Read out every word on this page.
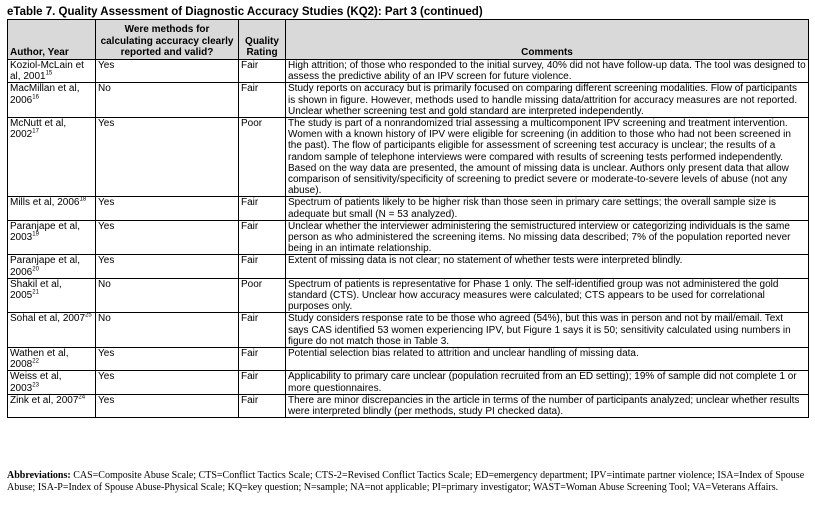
eTable 7. Quality Assessment of Diagnostic Accuracy Studies (KQ2): Part 3 (continued)
Author, Year	Were methods for calculating accuracy clearly reported and valid?	Quality Rating	Comments
Koziol-McLain et al, 2001$^{15}$	Yes	Fair	High attrition; of those who responded to the initial survey, 40% did not have follow-up data. The tool was designed to assess the predictive ability of an IPV screen for future violence.
MacMillan et al, 2006$^{16}$	No	Fair	Study reports on accuracy but is primarily focused on comparing different screening modalities. Flow of participants is shown in figure. However, methods used to handle missing data/attrition for accuracy measures are not reported. Unclear whether screening test and gold standard are interpreted independently.
McNutt et al, 2002$^{17}$	Yes	Poor	The study is part of a nonrandomized trial assessing a multicomponent IPV screening and treatment intervention. Women with a known history of IPV were eligible for screening (in addition to those who had not been screened in the past). The flow of participants eligible for assessment of screening test accuracy is unclear; the results of a random sample of telephone interviews were compared with results of screening tests performed independently. Based on the way data are presented, the amount of missing data is unclear. Authors only present data that allow comparison of sensitivity/specificity of screening to predict severe or moderate-to-severe levels of abuse (not any abuse).
Mills et al, 2006$^{18}$	Yes	Fair	Spectrum of patients likely to be higher risk than those seen in primary care settings; the overall sample size is adequate but small (N = 53 analyzed).
Paranjape et al, 2003$^{19}$	Yes	Fair	Unclear whether the interviewer administering the semistructured interview or categorizing individuals is the same person as who administered the screening items. No missing data described; 7% of the population reported never being in an intimate relationship.
Paranjape et al, 2006$^{20}$	Yes	Fair	Extent of missing data is not clear; no statement of whether tests were interpreted blindly.
Shakil et al, 2005$^{21}$	No	Poor	Spectrum of patients is representative for Phase 1 only. The self-identified group was not administered the gold standard (CTS). Unclear how accuracy measures were calculated; CTS appears to be used for correlational purposes only.
Sohal et al, 2007$^{25}$	No	Fair	Study considers response rate to be those who agreed (54%), but this was in person and not by mail/email. Text says CAS identified 53 women experiencing IPV, but Figure 1 says it is 50; sensitivity calculated using numbers in figure do not match those in Table 3.
Wathen et al, 2008$^{22}$	Yes	Fair	Potential selection bias related to attrition and unclear handling of missing data.
Weiss et al, 2003$^{23}$	Yes	Fair	Applicability to primary care unclear (population recruited from an ED setting); 19% of sample did not complete 1 or more questionnaires.
Zink et al, 2007$^{24}$	Yes	Fair	There are minor discrepancies in the article in terms of the number of participants analyzed; unclear whether results were interpreted blindly (per methods, study PI checked data).
Abbreviations: CAS=Composite Abuse Scale; CTS=Conflict Tactics Scale; CTS-2=Revised Conflict Tactics Scale; ED=emergency department; IPV=intimate partner violence; ISA=Index of Spouse Abuse; ISA-P=Index of Spouse Abuse-Physical Scale; KQ=key question; N=sample; NA=not applicable; PI=primary investigator; WAST=Woman Abuse Screening Tool; VA=Veterans Affairs.
